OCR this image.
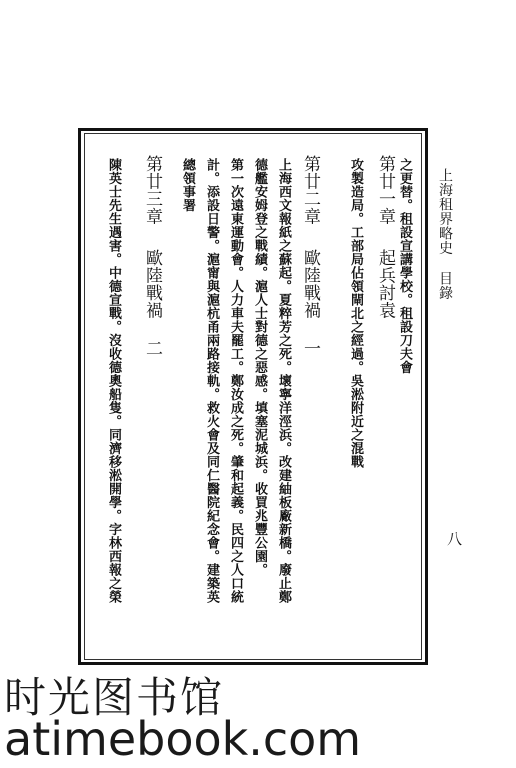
上海租界略史目錄
八
之更替。租設宣講學校。租設刀夫會
第廿一章起兵討袁
攻製造局。工部局佔領閘北之經過。吳淞附近之混戰
第廿二章歐陸戰禍 一
上海西文報紙之蘇起。夏粹芳之死。壞寧洋涇浜。改建紬板廠新橋。廢止鄭
德艦安姆登之戰績。滬人士對德之惡感。填塞泥城浜。收買兆豐公園。
第一次遠東運動會。人力車夫罷工。鄭汝成之死。肇和起義。民四之人口統
計。添設日警。滬甯與滬杭甬兩路接軌。救火會及同仁醫院紀念會。建築英
總領事署
第廿三章歐陸戰禍 二
陳英士先生遇害。中德宣戰。沒收德奧船隻。同濟移淞開學。字林西報之榮
时光图书馆
atimebook.com
